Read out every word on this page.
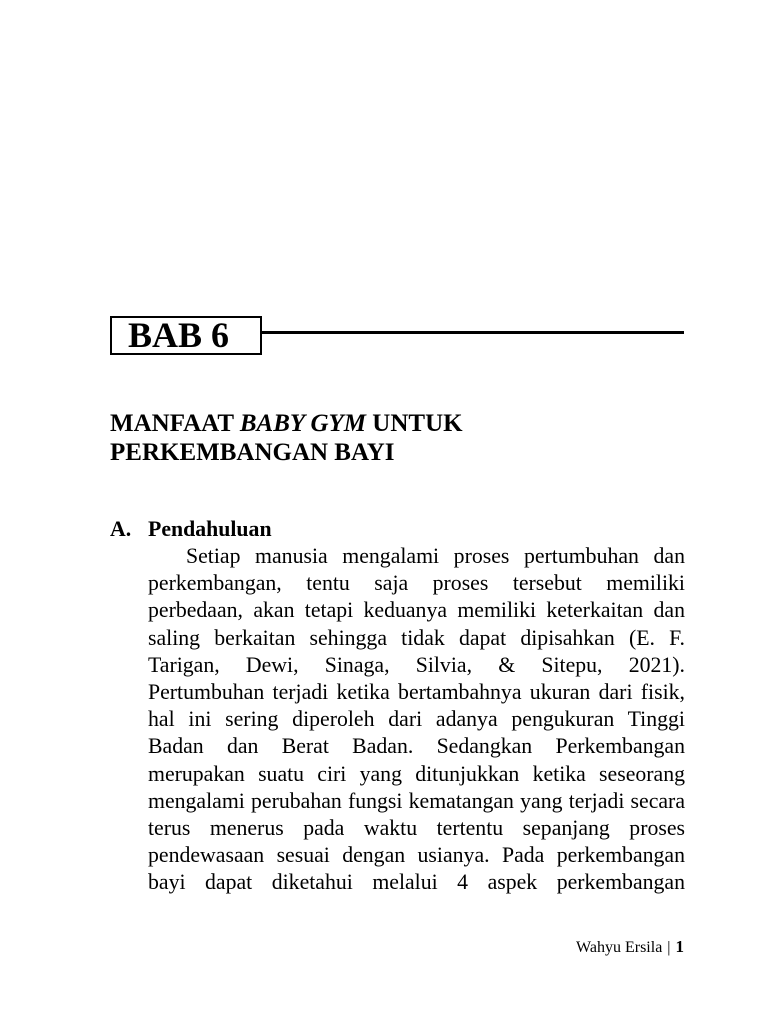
BAB 6
MANFAAT BABY GYM UNTUK
PERKEMBANGAN BAYI
A. Pendahuluan
Setiap manusia mengalami proses pertumbuhan dan
perkembangan, tentu saja proses tersebut memiliki
perbedaan, akan tetapi keduanya memiliki keterkaitan dan
saling berkaitan sehingga tidak dapat dipisahkan (E. F.
Tarigan, Dewi, Sinaga, Silvia, & Sitepu, 2021).
Pertumbuhan terjadi ketika bertambahnya ukuran dari fisik,
hal ini sering diperoleh dari adanya pengukuran Tinggi
Badan dan Berat Badan. Sedangkan Perkembangan
merupakan suatu ciri yang ditunjukkan ketika seseorang
mengalami perubahan fungsi kematangan yang terjadi secara
terus menerus pada waktu tertentu sepanjang proses
pendewasaan sesuai dengan usianya. Pada perkembangan
bayi dapat diketahui melalui 4 aspek perkembangan
Wahyu Ersila | 1
